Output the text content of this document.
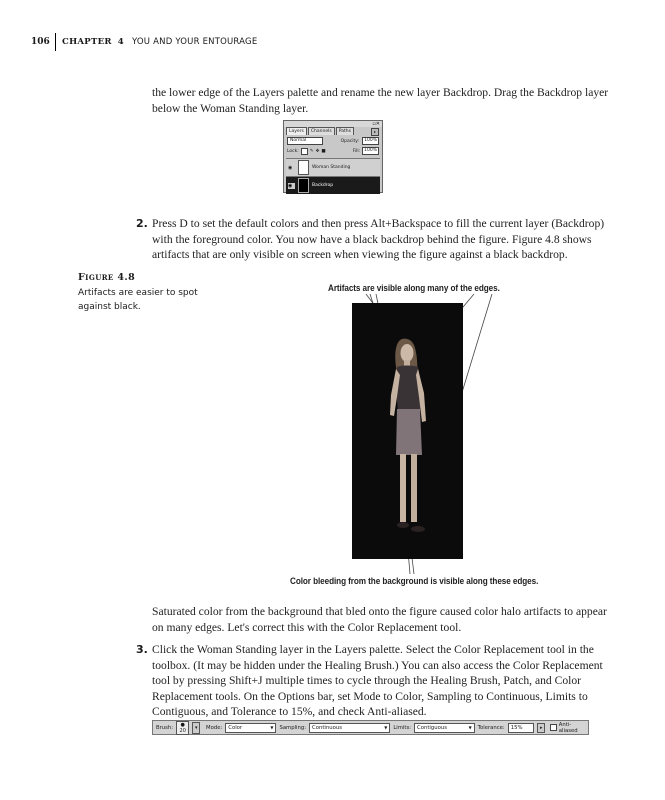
106 CHAPTER 4 YOU AND YOUR ENTOURAGE
the lower edge of the Layers palette and rename the new layer Backdrop. Drag the Backdrop layer below the Woman Standing layer.
▫✕
Layers	Channels	Paths	▸
Normal	Opacity:	100%
Lock: ✎ ✥ ■	Fill: 100%
◉	Woman Standing
◉	Backdrop
2. Press D to set the default colors and then press Alt+Backspace to fill the current layer (Backdrop) with the foreground color. You now have a black backdrop behind the figure. Figure 4.8 shows artifacts that are only visible on screen when viewing the figure against a black backdrop.
Figure 4.8
Artifacts are easier to spot against black.
Artifacts are visible along many of the edges.
Color bleeding from the background is visible along these edges.
Saturated color from the background that bled onto the figure caused color halo artifacts to appear on many edges. Let's correct this with the Color Replacement tool.
3. Click the Woman Standing layer in the Layers palette. Select the Color Replacement tool in the toolbox. (It may be hidden under the Healing Brush.) You can also access the Color Replacement tool by pressing Shift+J multiple times to cycle through the Healing Brush, Patch, and Color Replacement tools. On the Options bar, set Mode to Color, Sampling to Continuous, Limits to Contiguous, and Tolerance to 15%, and check Anti-aliased.
Brush:	●
20	▾	Mode: Color	▼ Sampling: Continuous	▼ Limits: Contiguous	▼ Tolerance: 15%	▸	Anti-aliased
